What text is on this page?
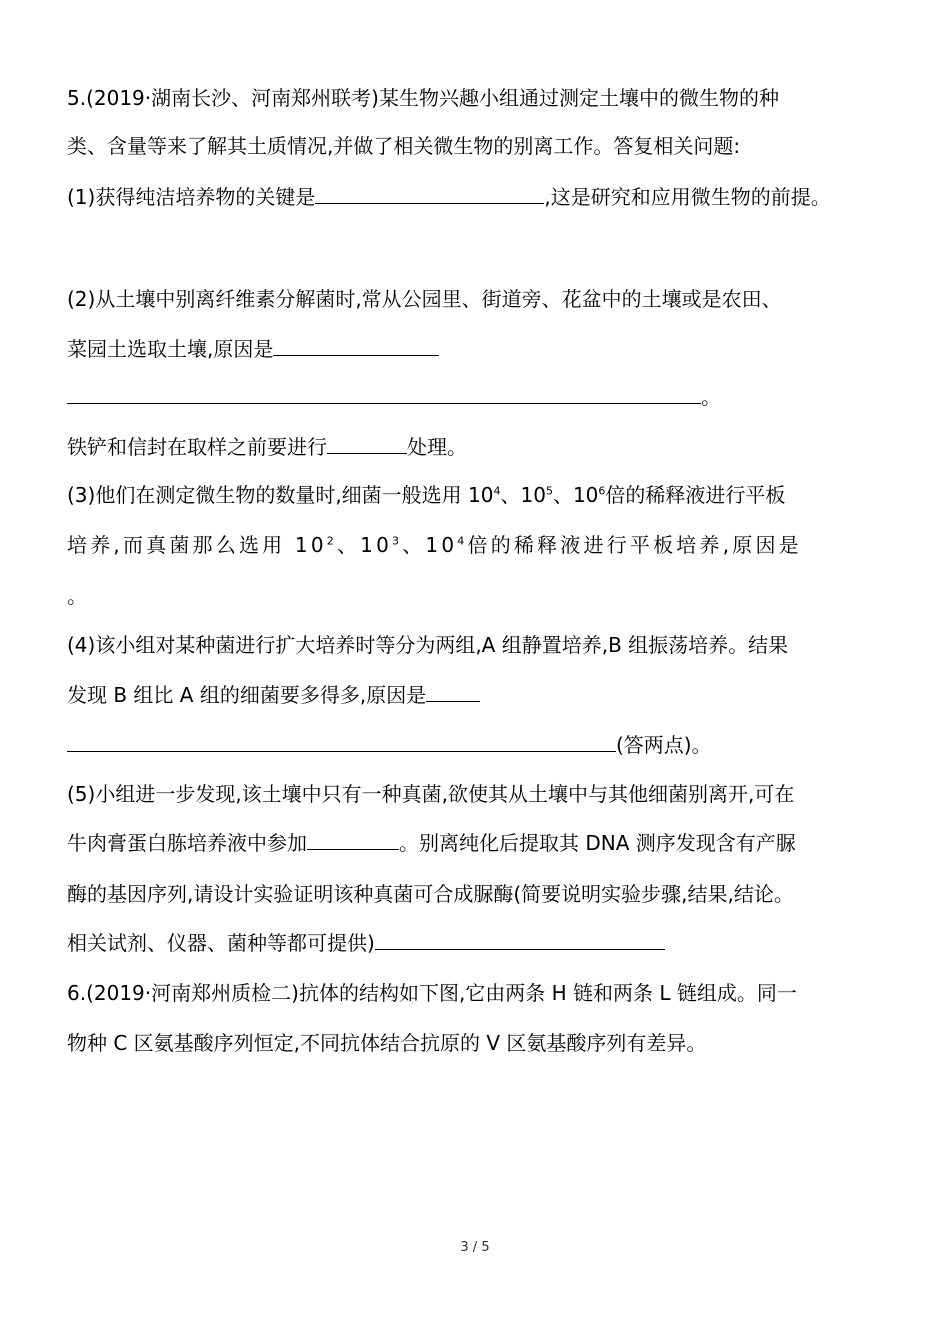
5.(2019·湖南长沙、河南郑州联考)某生物兴趣小组通过测定土壤中的微生物的种
类、含量等来了解其土质情况,并做了相关微生物的别离工作。答复相关问题:
(1)获得纯洁培养物的关键是	,这是研究和应用微生物的前提。
(2)从土壤中别离纤维素分解菌时,常从公园里、街道旁、花盆中的土壤或是农田、
菜园土选取土壤,原因是
。
铁铲和信封在取样之前要进行	处理。
(3)他们在测定微生物的数量时,细菌一般选用 $10^4$、$10^5$、$10^6$倍的稀释液进行平板
培养,而真菌那么选用 $10^2$、$10^3$、$10^4$倍的稀释液进行平板培养,原因是
。
(4)该小组对某种菌进行扩大培养时等分为两组,A 组静置培养,B 组振荡培养。结果
发现 B 组比 A 组的细菌要多得多,原因是
(答两点)。
(5)小组进一步发现,该土壤中只有一种真菌,欲使其从土壤中与其他细菌别离开,可在
牛肉膏蛋白胨培养液中参加	。别离纯化后提取其 DNA 测序发现含有产脲
酶的基因序列,请设计实验证明该种真菌可合成脲酶(简要说明实验步骤,结果,结论。
相关试剂、仪器、菌种等都可提供)
6.(2019·河南郑州质检二)抗体的结构如下图,它由两条 H 链和两条 L 链组成。同一
物种 C 区氨基酸序列恒定,不同抗体结合抗原的 V 区氨基酸序列有差异。
3 / 5
